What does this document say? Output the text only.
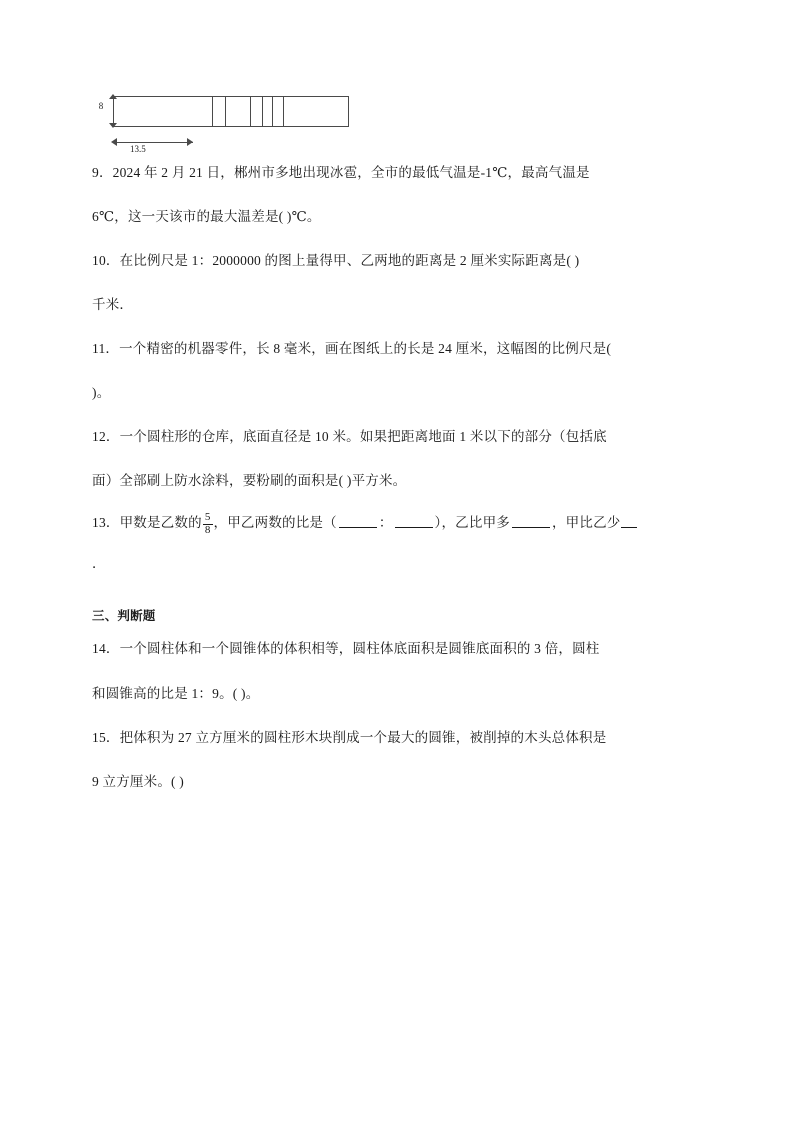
8
13.5

9．2024 年 2 月 21 日，郴州市多地出现冰雹，全市的最低气温是‐1℃，最高气温是

6℃，这一天该市的最大温差是( )℃。

10．在比例尺是 1：2000000 的图上量得甲、乙两地的距离是 2 厘米实际距离是( )

千米．

11．一个精密的机器零件，长 8 毫米，画在图纸上的长是 24 厘米，这幅图的比例尺是(

)。

12．一个圆柱形的仓库，底面直径是 10 米。如果把距离地面 1 米以下的部分（包括底

面）全部刷上防水涂料，要粉刷的面积是( )平方米。

13．甲数是乙数的 $\frac{5}{8}$ ，甲乙两数的比是（	：	），乙比甲多	，甲比乙少

．

三、判断题

14．一个圆柱体和一个圆锥体的体积相等，圆柱体底面积是圆锥底面积的 3 倍，圆柱

和圆锥高的比是 1：9。( )。

15．把体积为 27 立方厘米的圆柱形木块削成一个最大的圆锥，被削掉的木头总体积是

9 立方厘米。( )
